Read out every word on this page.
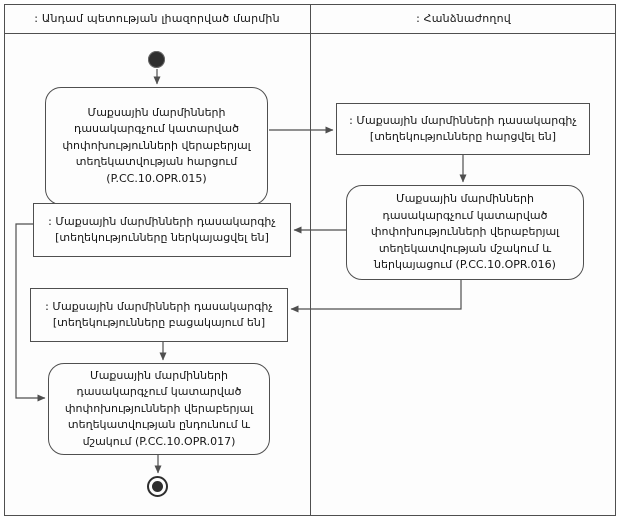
: Անդամ պետության լիազորված մարմին	: Հանձնաժողով
Մաքսային մարմինների դասակարգչում կատարված փոփոխությունների վերաբերյալ տեղեկատվության հարցում (P.CC.10.OPR.015)
: Մաքսային մարմինների դասակարգիչ [տեղեկությունները հարցվել են]
Մաքսային մարմինների դասակարգչում կատարված փոփոխությունների վերաբերյալ տեղեկատվության մշակում և ներկայացում (P.CC.10.OPR.016)
: Մաքսային մարմինների դասակարգիչ [տեղեկությունները ներկայացվել են]
: Մաքսային մարմինների դասակարգիչ [տեղեկությունները բացակայում են]
Մաքսային մարմինների դասակարգչում կատարված փոփոխությունների վերաբերյալ տեղեկատվության ընդունում և մշակում (P.CC.10.OPR.017)
